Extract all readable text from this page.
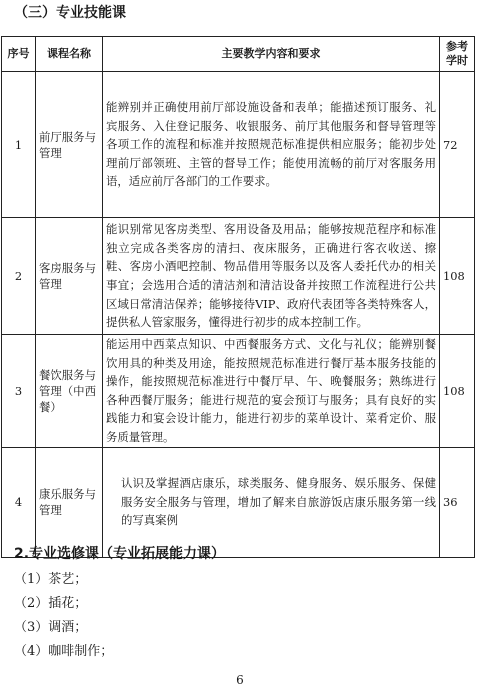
（三）专业技能课
序号	课程名称	主要教学内容和要求	参考
学时
1	前厅服务与管理	能辨别并正确使用前厅部设施设备和表单；能描述预订服务、礼宾服务、入住登记服务、收银服务、前厅其他服务和督导管理等各项工作的流程和标准并按照规范标准提供相应服务；能初步处理前厅部领班、主管的督导工作；能使用流畅的前厅对客服务用语，适应前厅各部门的工作要求。	72
2	客房服务与管理	能识别常见客房类型、客用设备及用品；能够按规范程序和标准独立完成各类客房的清扫、夜床服务，正确进行客衣收送、擦鞋、客房小酒吧控制、物品借用等服务以及客人委托代办的相关事宜；会选用合适的清洁剂和清洁设备并按照工作流程进行公共区域日常清洁保养；能够接待VIP、政府代表团等各类特殊客人，提供私人管家服务，懂得进行初步的成本控制工作。	108
3	餐饮服务与管理（中西餐）	能运用中西菜点知识、中西餐服务方式、文化与礼仪；能辨别餐饮用具的种类及用途，能按照规范标准进行餐厅基本服务技能的操作，能按照规范标准进行中餐厅早、午、晚餐服务；熟练进行各种西餐厅服务；能进行规范的宴会预订与服务；具有良好的实践能力和宴会设计能力，能进行初步的菜单设计、菜肴定价、服务质量管理。	108
4	康乐服务与管理	认识及掌握酒店康乐，球类服务、健身服务、娱乐服务、保健服务安全服务与管理，增加了解来自旅游饭店康乐服务第一线的写真案例	36
2.专业选修课（专业拓展能力课）
（1）茶艺；
（2）插花；
（3）调酒；
（4）咖啡制作；
6
